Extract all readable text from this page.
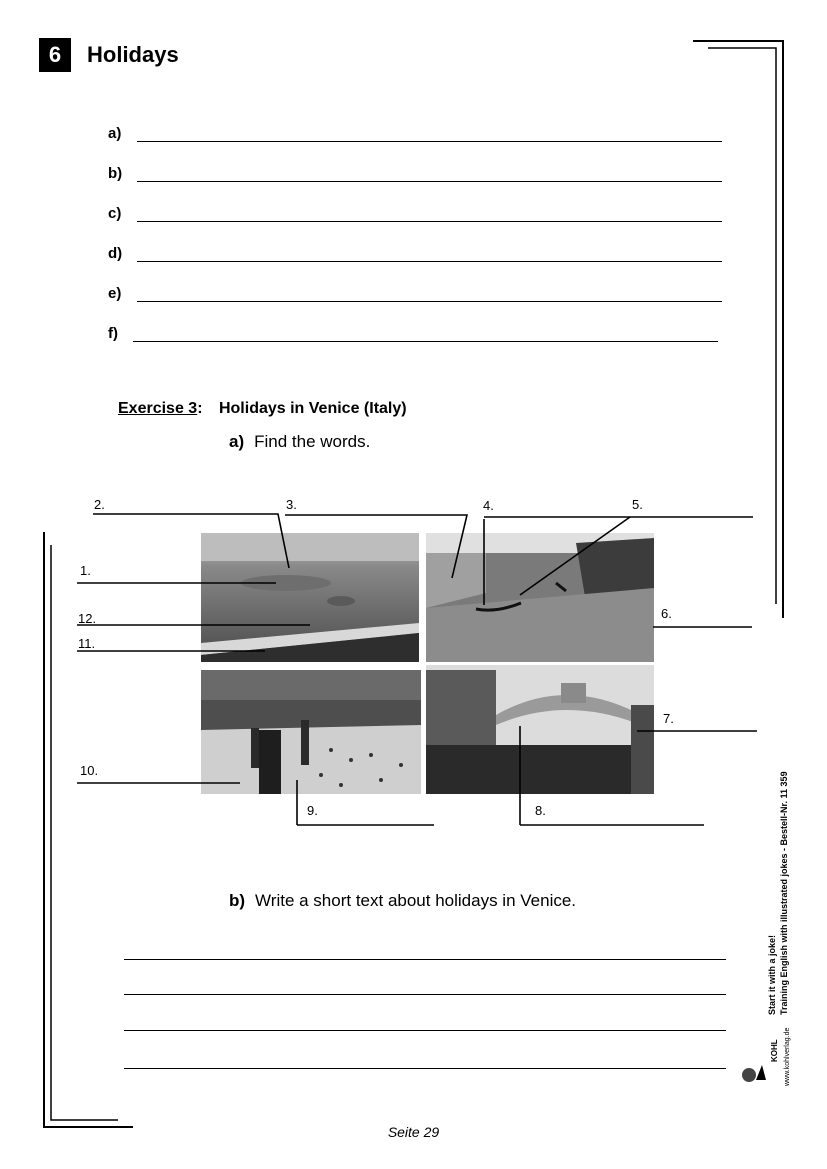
6	Holidays
a)
b)
c)
d)
e)
f)
Exercise 3: Holidays in Venice (Italy)
a) Find the words.
1.
2.	3.	4.	5.
6.
7.
8.
9.
10.
11.
12.
b) Write a short text about holidays in Venice.
Start it with a joke! Training English with illustrated jokes - Bestell-Nr. 11 359
KOHL www.kohlverlag.de
Seite 29
